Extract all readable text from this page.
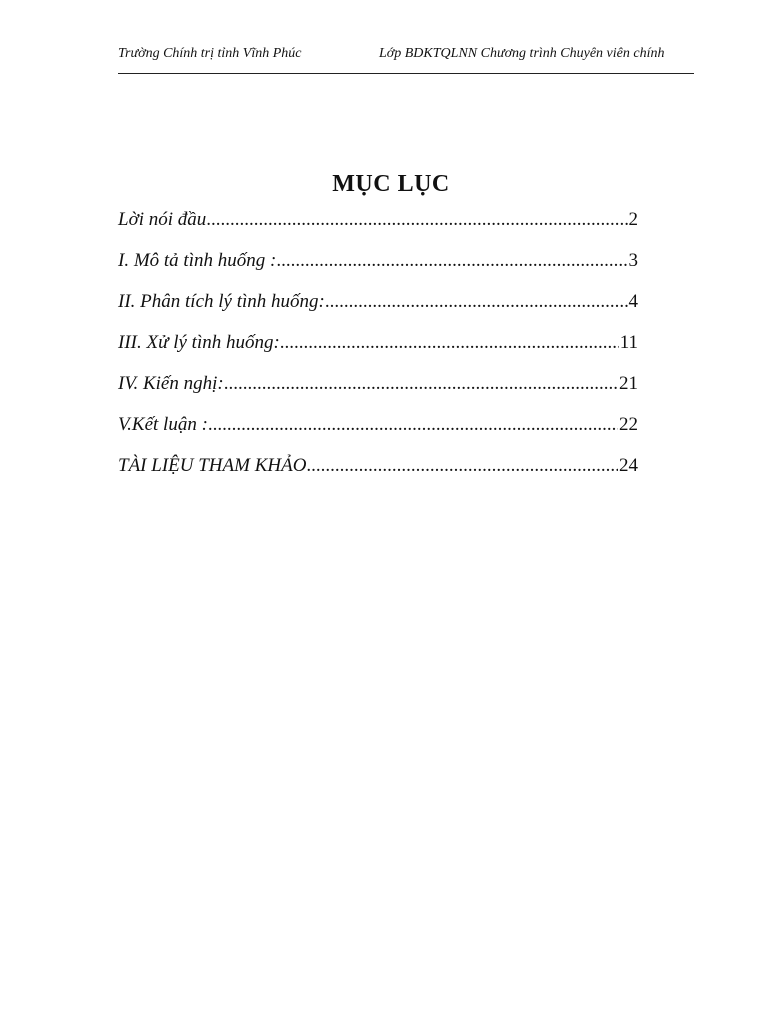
Trường Chính trị tỉnh Vĩnh Phúc	Lớp BDKTQLNN Chương trình Chuyên viên chính
MỤC LỤC
Lời nói đầu .....	2
I. Mô tả tình huống : .....	3
II. Phân tích lý tình huống: .....	4
III. Xử lý tình huống: .....	11
IV. Kiến nghị: .....	21
V.Kết luận : .....	22
TÀI LIỆU THAM KHẢO .....	24
